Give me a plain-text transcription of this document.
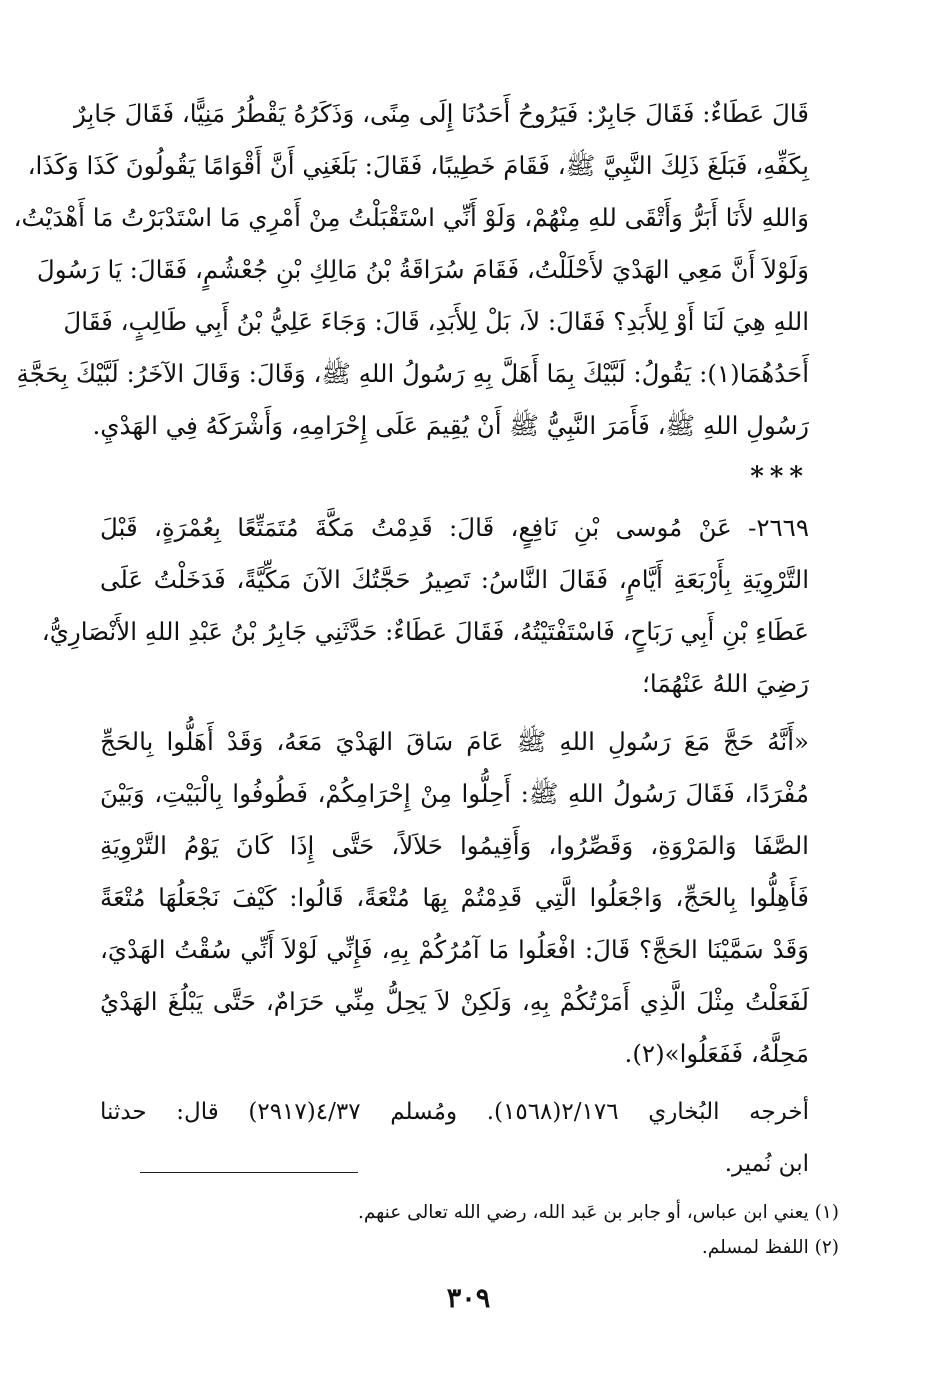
قَالَ عَطَاءٌ: فَقَالَ جَابِرٌ: فَيَرُوحُ أَحَدُنَا إِلَى مِنًى، وَذَكَرُهُ يَقْطُرُ مَنِيًّا، فَقَالَ جَابِرٌ
بِكَفِّهِ، فَبَلَغَ ذَلِكَ النَّبِيَّ ﷺ، فَقَامَ خَطِيبًا، فَقَالَ: بَلَغَنِي أَنَّ أَقْوَامًا يَقُولُونَ كَذَا وَكَذَا،
وَاللهِ لأَنَا أَبَرُّ وَأَتْقَى للهِ مِنْهُمْ، وَلَوْ أَنِّي اسْتَقْبَلْتُ مِنْ أَمْرِي مَا اسْتَدْبَرْتُ مَا أَهْدَيْتُ،
وَلَوْلاَ أَنَّ مَعِي الهَدْيَ لأَحْلَلْتُ، فَقَامَ سُرَاقَةُ بْنُ مَالِكِ بْنِ جُعْشُمٍ، فَقَالَ: يَا رَسُولَ
اللهِ هِيَ لَنَا أَوْ لِلأَبَدِ؟ فَقَالَ: لاَ، بَلْ لِلأَبَدِ، قَالَ: وَجَاءَ عَلِيُّ بْنُ أَبِي طَالِبٍ، فَقَالَ
أَحَدُهُمَا(١): يَقُولُ: لَبَّيْكَ بِمَا أَهَلَّ بِهِ رَسُولُ اللهِ ﷺ، وَقَالَ: وَقَالَ الآخَرُ: لَبَّيْكَ بِحَجَّةِ
رَسُولِ اللهِ ﷺ، فَأَمَرَ النَّبِيُّ ﷺ أَنْ يُقِيمَ عَلَى إِحْرَامِهِ، وَأَشْرَكَهُ فِي الهَدْيِ.
***
٢٦٦٩- عَنْ مُوسى بْنِ نَافِعٍ، قَالَ: قَدِمْتُ مَكَّةَ مُتَمَتِّعًا بِعُمْرَةٍ، قَبْلَ
التَّرْوِيَةِ بِأَرْبَعَةِ أَيَّامٍ، فَقَالَ النَّاسُ: تَصِيرُ حَجَّتُكَ الآنَ مَكِّيَّةً، فَدَخَلْتُ عَلَى
عَطَاءِ بْنِ أَبِي رَبَاحٍ، فَاسْتَفْتَيْتُهُ، فَقَالَ عَطَاءٌ: حَدَّثَنِي جَابِرُ بْنُ عَبْدِ اللهِ الأَنْصَارِيُّ،
رَضِيَ اللهُ عَنْهُمَا؛
«أَنَّهُ حَجَّ مَعَ رَسُولِ اللهِ ﷺ عَامَ سَاقَ الهَدْيَ مَعَهُ، وَقَدْ أَهَلُّوا بِالحَجِّ
مُفْرَدًا، فَقَالَ رَسُولُ اللهِ ﷺ: أَحِلُّوا مِنْ إِحْرَامِكُمْ، فَطُوفُوا بِالْبَيْتِ، وَبَيْنَ
الصَّفَا وَالمَرْوَةِ، وَقَصِّرُوا، وَأَقِيمُوا حَلاَلاً، حَتَّى إِذَا كَانَ يَوْمُ التَّرْوِيَةِ
فَأَهِلُّوا بِالحَجِّ، وَاجْعَلُوا الَّتِي قَدِمْتُمْ بِهَا مُتْعَةً، قَالُوا: كَيْفَ نَجْعَلُهَا مُتْعَةً
وَقَدْ سَمَّيْنَا الحَجَّ؟ قَالَ: افْعَلُوا مَا آمُرُكُمْ بِهِ، فَإِنِّي لَوْلاَ أَنِّي سُقْتُ الهَدْيَ،
لَفَعَلْتُ مِثْلَ الَّذِي أَمَرْتُكُمْ بِهِ، وَلَكِنْ لاَ يَحِلُّ مِنِّي حَرَامٌ، حَتَّى يَبْلُغَ الهَدْيُ
مَحِلَّهُ، فَفَعَلُوا»(٢).
أخرجه البُخاري ٢/١٧٦(١٥٦٨). ومُسلم ٤/٣٧(٢٩١٧) قال: حدثنا
ابن نُمير.
(١) يعني ابن عباس، أو جابر بن عَبد الله، رضي الله تعالى عنهم.
(٢) اللفظ لمسلم.
٣٠٩
